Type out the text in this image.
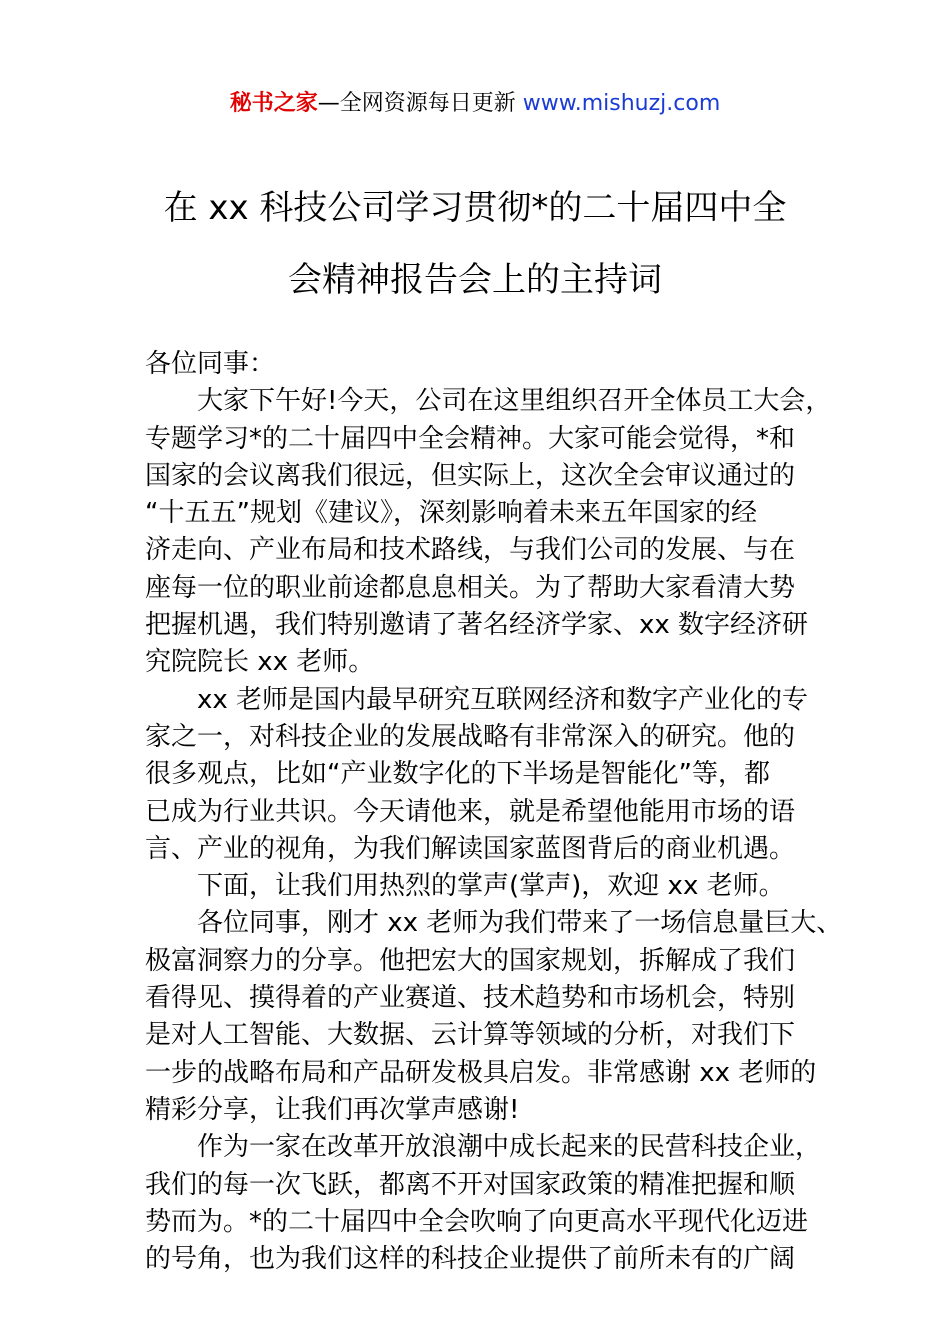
秘书之家—全网资源每日更新 www.mishuzj.com
在 xx 科技公司学习贯彻*的二十届四中全
会精神报告会上的主持词

各位同事：

大家下午好!今天，公司在这里组织召开全体员工大会，
专题学习*的二十届四中全会精神。大家可能会觉得，*和
国家的会议离我们很远，但实际上，这次全会审议通过的
“十五五”规划《建议》，深刻影响着未来五年国家的经
济走向、产业布局和技术路线，与我们公司的发展、与在
座每一位的职业前途都息息相关。为了帮助大家看清大势
把握机遇，我们特别邀请了著名经济学家、xx 数字经济研
究院院长 xx 老师。

xx 老师是国内最早研究互联网经济和数字产业化的专
家之一，对科技企业的发展战略有非常深入的研究。他的
很多观点，比如“产业数字化的下半场是智能化”等，都
已成为行业共识。今天请他来，就是希望他能用市场的语
言、产业的视角，为我们解读国家蓝图背后的商业机遇。

下面，让我们用热烈的掌声(掌声)，欢迎 xx 老师。

各位同事，刚才 xx 老师为我们带来了一场信息量巨大、
极富洞察力的分享。他把宏大的国家规划，拆解成了我们
看得见、摸得着的产业赛道、技术趋势和市场机会，特别
是对人工智能、大数据、云计算等领域的分析，对我们下
一步的战略布局和产品研发极具启发。非常感谢 xx 老师的
精彩分享，让我们再次掌声感谢!

作为一家在改革开放浪潮中成长起来的民营科技企业，
我们的每一次飞跃，都离不开对国家政策的精准把握和顺
势而为。*的二十届四中全会吹响了向更高水平现代化迈进
的号角，也为我们这样的科技企业提供了前所未有的广阔
